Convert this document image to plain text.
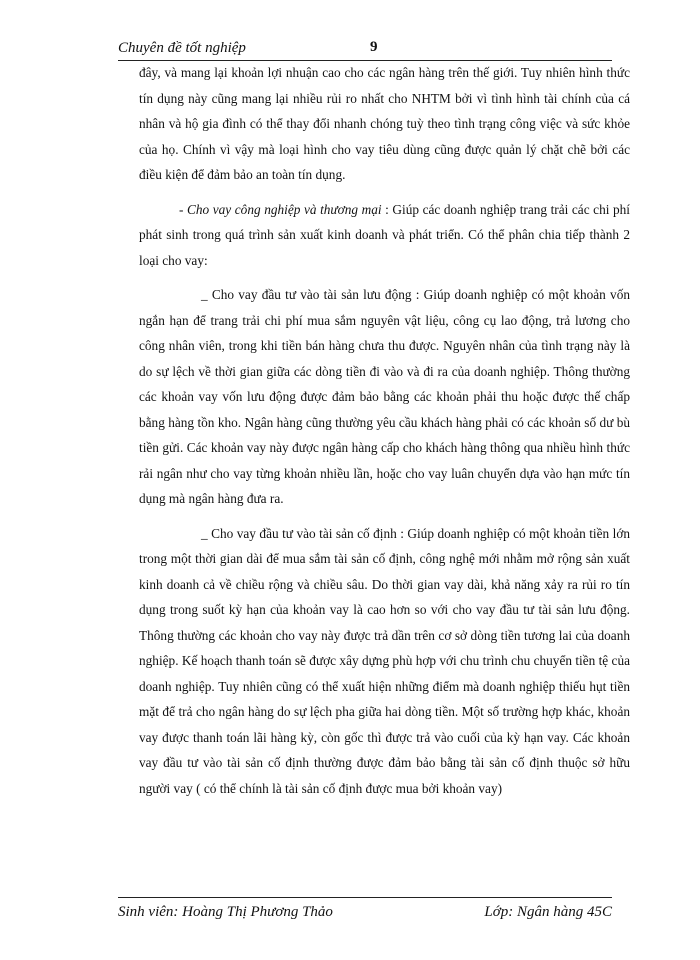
Chuyên đề tốt nghiệp	9

đây, và mang lại khoản lợi nhuận cao cho các ngân hàng trên thế giới. Tuy nhiên hình thức tín dụng này cũng mang lại nhiều rủi ro nhất cho NHTM bởi vì tình hình tài chính của cá nhân và hộ gia đình có thể thay đổi nhanh chóng tuỳ theo tình trạng công việc và sức khỏe của họ. Chính vì vậy mà loại hình cho vay tiêu dùng cũng được quản lý chặt chẽ bởi các điều kiện để đảm bảo an toàn tín dụng.

- Cho vay công nghiệp và thương mại : Giúp các doanh nghiệp trang trải các chi phí phát sinh trong quá trình sản xuất kinh doanh và phát triển. Có thể phân chia tiếp thành 2 loại cho vay:

_ Cho vay đầu tư vào tài sản lưu động : Giúp doanh nghiệp có một khoản vốn ngắn hạn để trang trải chi phí mua sắm nguyên vật liệu, công cụ lao động, trả lương cho công nhân viên, trong khi tiền bán hàng chưa thu được. Nguyên nhân của tình trạng này là do sự lệch về thời gian giữa các dòng tiền đi vào và đi ra của doanh nghiệp. Thông thường các khoản vay vốn lưu động được đảm bảo bằng các khoản phải thu hoặc được thế chấp bằng hàng tồn kho. Ngân hàng cũng thường yêu cầu khách hàng phải có các khoản số dư bù tiền gửi. Các khoản vay này được ngân hàng cấp cho khách hàng thông qua nhiều hình thức rải ngân như cho vay từng khoản nhiều lần, hoặc cho vay luân chuyển dựa vào hạn mức tín dụng mà ngân hàng đưa ra.

_ Cho vay đầu tư vào tài sản cố định : Giúp doanh nghiệp có một khoản tiền lớn trong một thời gian dài để mua sắm tài sản cố định, công nghệ mới nhằm mở rộng sản xuất kinh doanh cả về chiều rộng và chiều sâu. Do thời gian vay dài, khả năng xảy ra rủi ro tín dụng trong suốt kỳ hạn của khoản vay là cao hơn so với cho vay đầu tư tài sản lưu động. Thông thường các khoản cho vay này được trả dần trên cơ sở dòng tiền tương lai của doanh nghiệp. Kế hoạch thanh toán sẽ được xây dựng phù hợp với chu trình chu chuyển tiền tệ của doanh nghiệp. Tuy nhiên cũng có thể xuất hiện những điểm mà doanh nghiệp thiếu hụt tiền mặt để trả cho ngân hàng do sự lệch pha giữa hai dòng tiền. Một số trường hợp khác, khoản vay được thanh toán lãi hàng kỳ, còn gốc thì được trả vào cuối của kỳ hạn vay. Các khoản vay đầu tư vào tài sản cố định thường được đảm bảo bằng tài sản cố định thuộc sở hữu người vay ( có thể chính là tài sản cố định được mua bởi khoản vay)

Sinh viên: Hoàng Thị Phương Thảo	Lớp: Ngân hàng 45C
